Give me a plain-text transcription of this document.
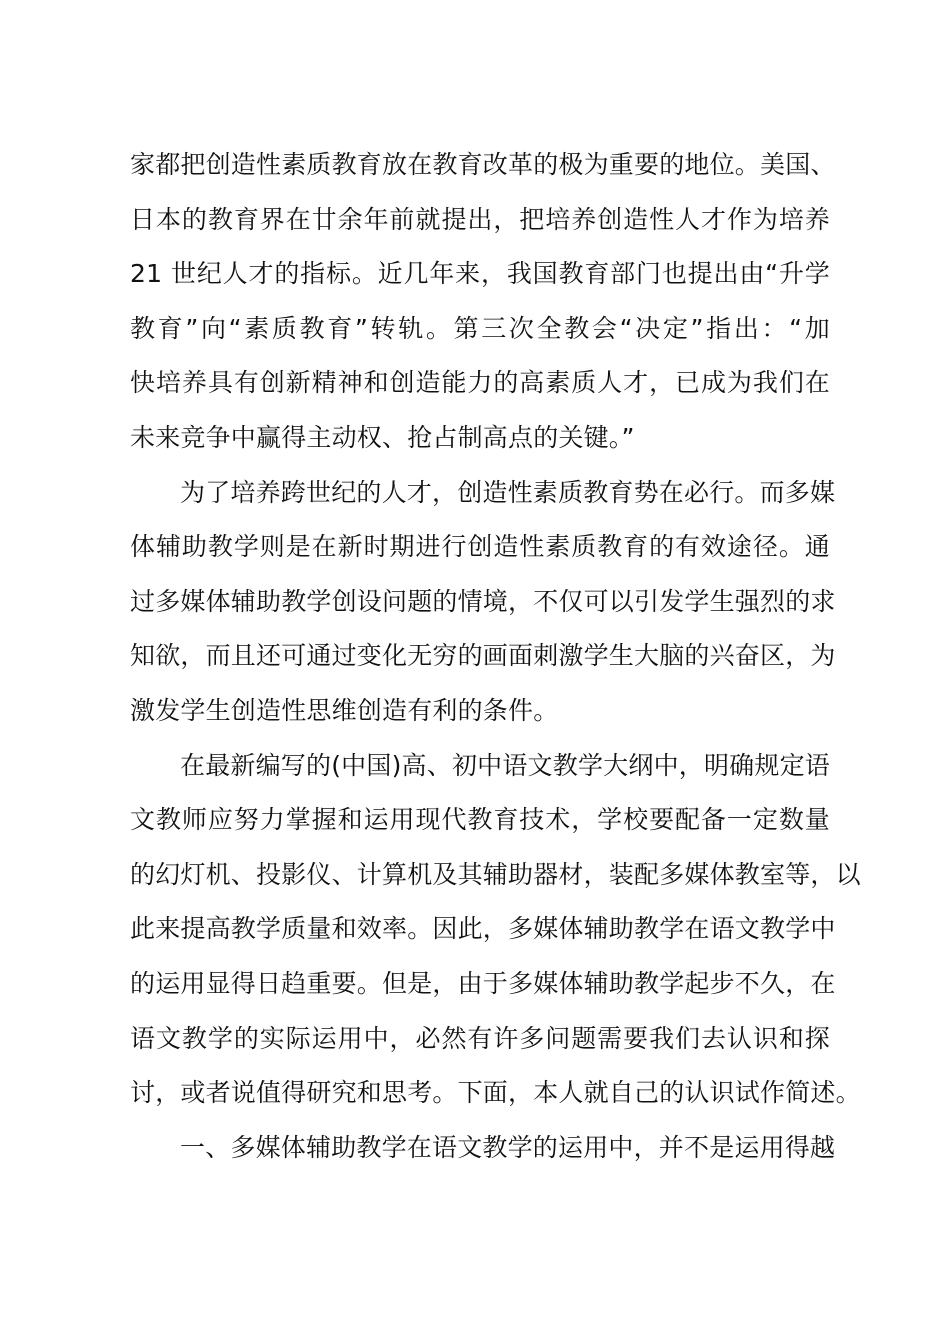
家都把创造性素质教育放在教育改革的极为重要的地位。美国、
日本的教育界在廿余年前就提出，把培养创造性人才作为培养
21 世纪人才的指标。近几年来，我国教育部门也提出由“升学
教育”向“素质教育”转轨。第三次全教会“决定”指出：“加
快培养具有创新精神和创造能力的高素质人才，已成为我们在
未来竞争中赢得主动权、抢占制高点的关键。”
为了培养跨世纪的人才，创造性素质教育势在必行。而多媒
体辅助教学则是在新时期进行创造性素质教育的有效途径。通
过多媒体辅助教学创设问题的情境，不仅可以引发学生强烈的求
知欲，而且还可通过变化无穷的画面刺激学生大脑的兴奋区，为
激发学生创造性思维创造有利的条件。
在最新编写的(中国)高、初中语文教学大纲中，明确规定语
文教师应努力掌握和运用现代教育技术，学校要配备一定数量
的幻灯机、投影仪、计算机及其辅助器材，装配多媒体教室等，以
此来提高教学质量和效率。因此，多媒体辅助教学在语文教学中
的运用显得日趋重要。但是，由于多媒体辅助教学起步不久，在
语文教学的实际运用中，必然有许多问题需要我们去认识和探
讨，或者说值得研究和思考。下面，本人就自己的认识试作简述。
一、多媒体辅助教学在语文教学的运用中，并不是运用得越
